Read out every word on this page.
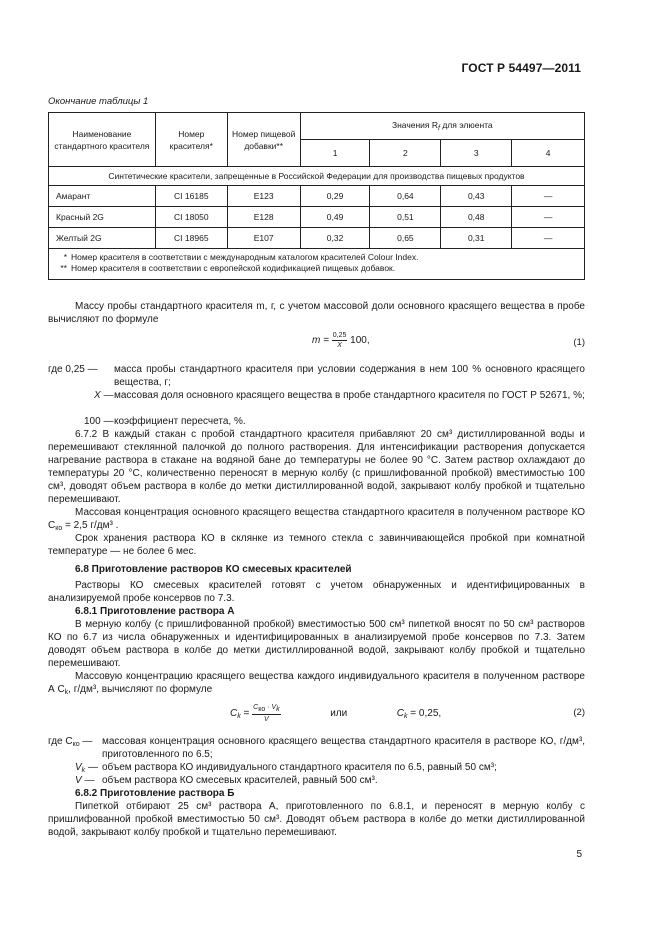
ГОСТ Р 54497—2011
Окончание таблицы 1
Наименование стандартного красителя	Номер красителя*	Номер пищевой добавки**	Значения $R_f$ для элюента			
			1	2	3	4
Синтетические красители, запрещенные в Российской Федерации для производства пищевых продуктов						
Амарант	CI 16185	E123	0,29	0,64	0,43	—
Красный 2G	CI 18050	E128	0,49	0,51	0,48	—
Желтый 2G	CI 18965	E107	0,32	0,65	0,31	—

* Номер красителя в соответствии с международным каталогом красителей Colour Index.
** Номер красителя в соответствии с европейской кодификацией пищевых добавок.						
Массу пробы стандартного красителя m, г, с учетом массовой доли основного красящего вещества в пробе вычисляют по формуле
$m = \frac{0,25}{X} 100$,	(1)
где 0,25 — масса пробы стандартного красителя при условии содержания в нем 100 % основного красящего вещества, г;
X — массовая доля основного красящего вещества в пробе стандартного красителя по ГОСТ Р 52671, %;
100 — коэффициент пересчета, %.
6.7.2 В каждый стакан с пробой стандартного красителя прибавляют 20 см³ дистиллированной воды и перемешивают стеклянной палочкой до полного растворения. Для интенсификации растворения допускается нагревание раствора в стакане на водяной бане до температуры не более 90 °С. Затем раствор охлаждают до температуры 20 °С, количественно переносят в мерную колбу (с пришлифованной пробкой) вместимостью 100 см³, доводят объем раствора в колбе до метки дистиллированной водой, закрывают колбу пробкой и тщательно перемешивают.
Массовая концентрация основного красящего вещества стандартного красителя в полученном растворе КО $C_{ко} = 2,5$ г/дм³ .
Срок хранения раствора КО в склянке из темного стекла с завинчивающейся пробкой при комнатной температуре — не более 6 мес.
6.8 Приготовление растворов КО смесевых красителей
Растворы КО смесевых красителей готовят с учетом обнаруженных и идентифицированных в анализируемой пробе консервов по 7.3.
6.8.1 Приготовление раствора А
В мерную колбу (с пришлифованной пробкой) вместимостью 500 см³ пипеткой вносят по 50 см³ растворов КО по 6.7 из числа обнаруженных и идентифицированных в анализируемой пробе консервов по 7.3. Затем доводят объем раствора в колбе до метки дистиллированной водой, закрывают колбу пробкой и тщательно перемешивают.
Массовую концентрацию красящего вещества каждого индивидуального красителя в полученном растворе А $C_k$, г/дм³, вычисляют по формуле
$C_k = \frac{\text{Cко · Vk}}{V}$	или	$C_k = 0,25$,	(2)
где $C_{ко}$ — массовая концентрация основного красящего вещества стандартного красителя в растворе КО, г/дм³, приготовленного по 6.5;
$V_k$ — объем раствора КО индивидуального стандартного красителя по 6.5, равный 50 см³;
V — объем раствора КО смесевых красителей, равный 500 см³.
6.8.2 Приготовление раствора Б
Пипеткой отбирают 25 см³ раствора А, приготовленного по 6.8.1, и переносят в мерную колбу с пришлифованной пробкой вместимостью 50 см³. Доводят объем раствора в колбе до метки дистиллированной водой, закрывают колбу пробкой и тщательно перемешивают.
5
